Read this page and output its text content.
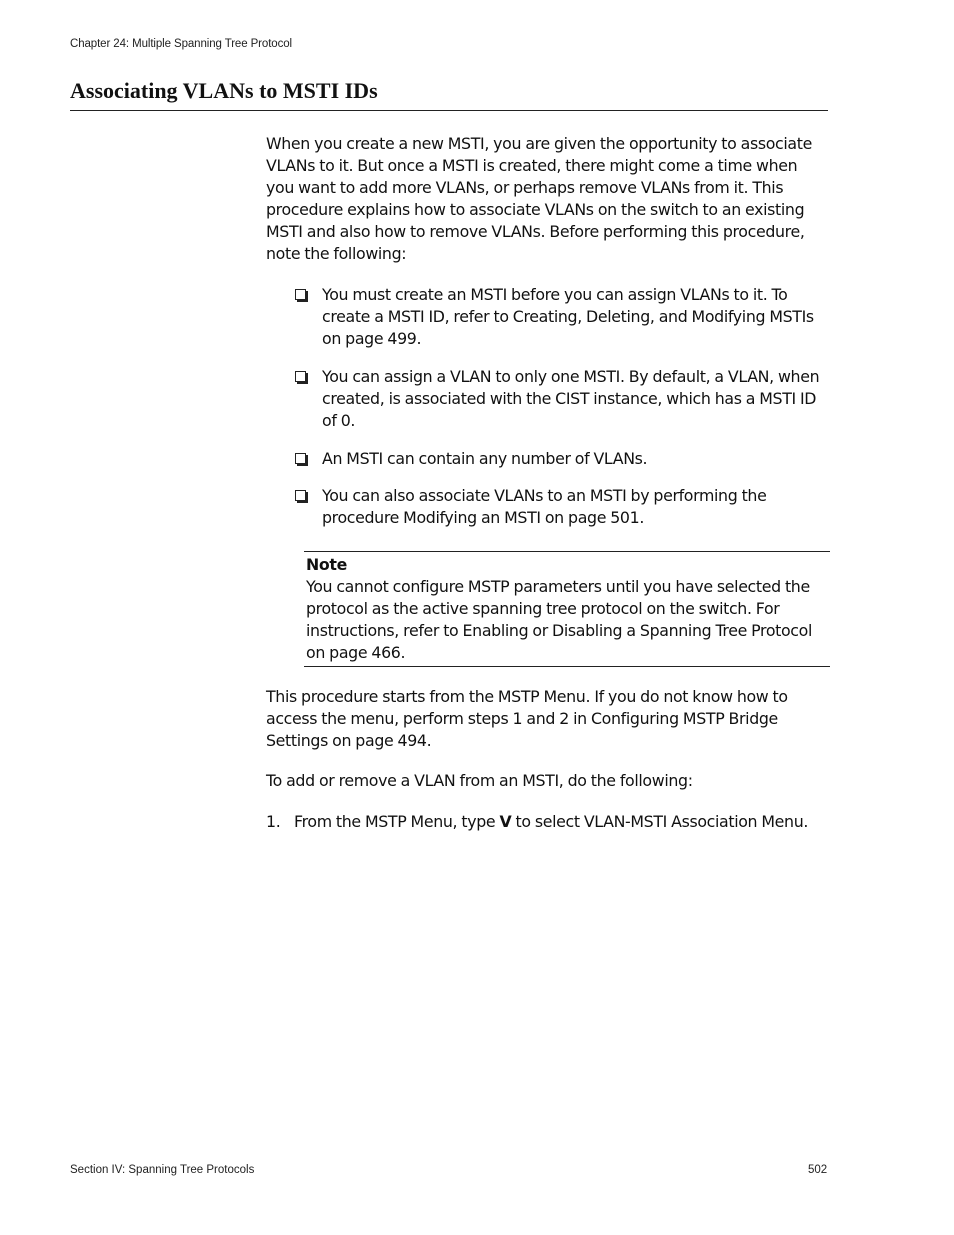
Chapter 24: Multiple Spanning Tree Protocol
Associating VLANs to MSTI IDs

When you create a new MSTI, you are given the opportunity to associate VLANs to it. But once a MSTI is created, there might come a time when you want to add more VLANs, or perhaps remove VLANs from it. This procedure explains how to associate VLANs on the switch to an existing MSTI and also how to remove VLANs. Before performing this procedure, note the following:

You must create an MSTI before you can assign VLANs to it. To create a MSTI ID, refer to Creating, Deleting, and Modifying MSTIs on page 499.
You can assign a VLAN to only one MSTI. By default, a VLAN, when created, is associated with the CIST instance, which has a MSTI ID of 0.
An MSTI can contain any number of VLANs.
You can also associate VLANs to an MSTI by performing the procedure Modifying an MSTI on page 501.
Note
You cannot configure MSTP parameters until you have selected the protocol as the active spanning tree protocol on the switch. For instructions, refer to Enabling or Disabling a Spanning Tree Protocol on page 466.

This procedure starts from the MSTP Menu. If you do not know how to access the menu, perform steps 1 and 2 in Configuring MSTP Bridge Settings on page 494.

To add or remove a VLAN from an MSTI, do the following:

1. From the MSTP Menu, type V to select VLAN-MSTI Association Menu.
Section IV: Spanning Tree Protocols	502
